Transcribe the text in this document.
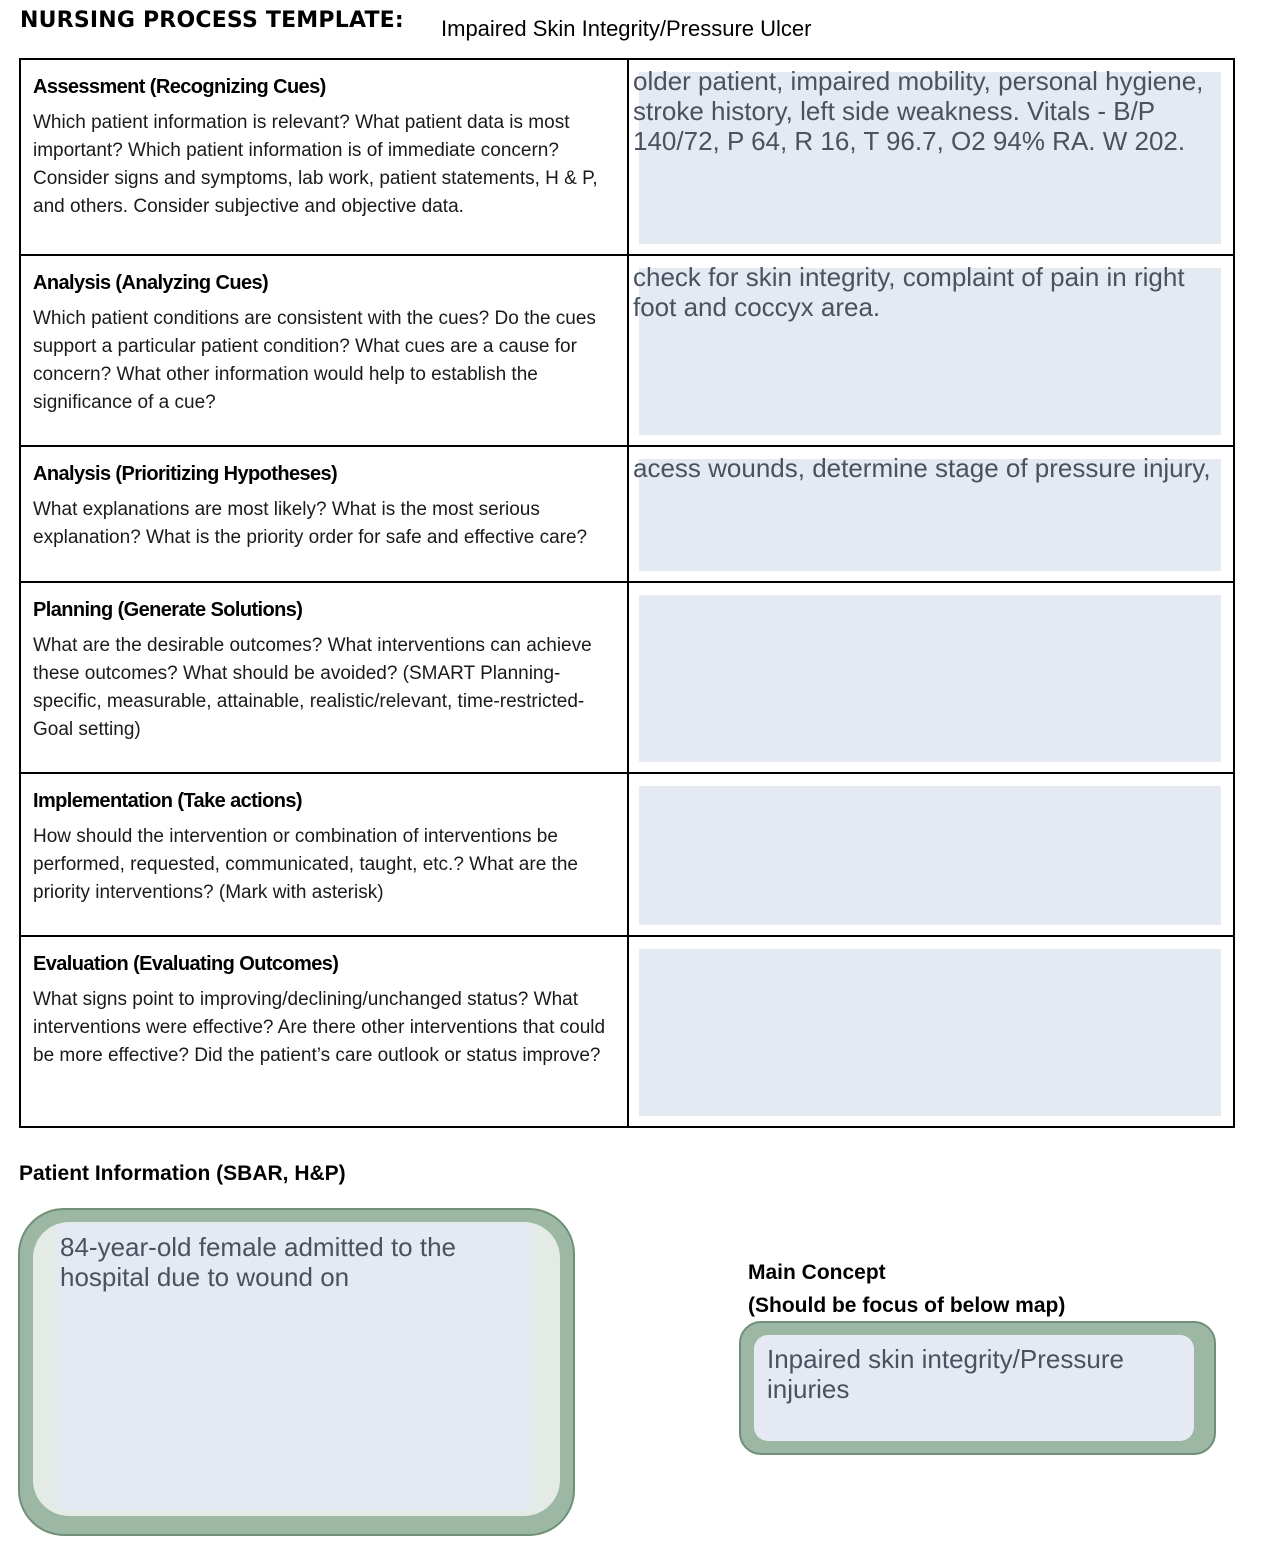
NURSING PROCESS TEMPLATE: Impaired Skin Integrity/Pressure Ulcer
Assessment (Recognizing Cues)
Which patient information is relevant? What patient data is most important? Which patient information is of immediate concern? Consider signs and symptoms, lab work, patient statements, H & P, and others. Consider subjective and objective data.	older patient, impaired mobility, personal hygiene, stroke history, left side weakness. Vitals - B/P 140/72, P 64, R 16, T 96.7, O2 94% RA. W 202.

Analysis (Analyzing Cues)
Which patient conditions are consistent with the cues? Do the cues support a particular patient condition? What cues are a cause for concern? What other information would help to establish the significance of a cue?	check for skin integrity, complaint of pain in right foot and coccyx area.

Analysis (Prioritizing Hypotheses)
What explanations are most likely? What is the most serious explanation? What is the priority order for safe and effective care?	acess wounds, determine stage of pressure injury,

Planning (Generate Solutions)
What are the desirable outcomes? What interventions can achieve these outcomes? What should be avoided? (SMART Planning- specific, measurable, attainable, realistic/relevant, time-restricted- Goal setting)	

Implementation (Take actions)
How should the intervention or combination of interventions be performed, requested, communicated, taught, etc.? What are the priority interventions? (Mark with asterisk)	

Evaluation (Evaluating Outcomes)
What signs point to improving/declining/unchanged status? What interventions were effective? Are there other interventions that could be more effective? Did the patient’s care outlook or status improve?	

Patient Information (SBAR, H&P)
84-year-old female admitted to the hospital due to wound on	Main Concept
(Should be focus of below map)
Inpaired skin integrity/Pressure injuries
